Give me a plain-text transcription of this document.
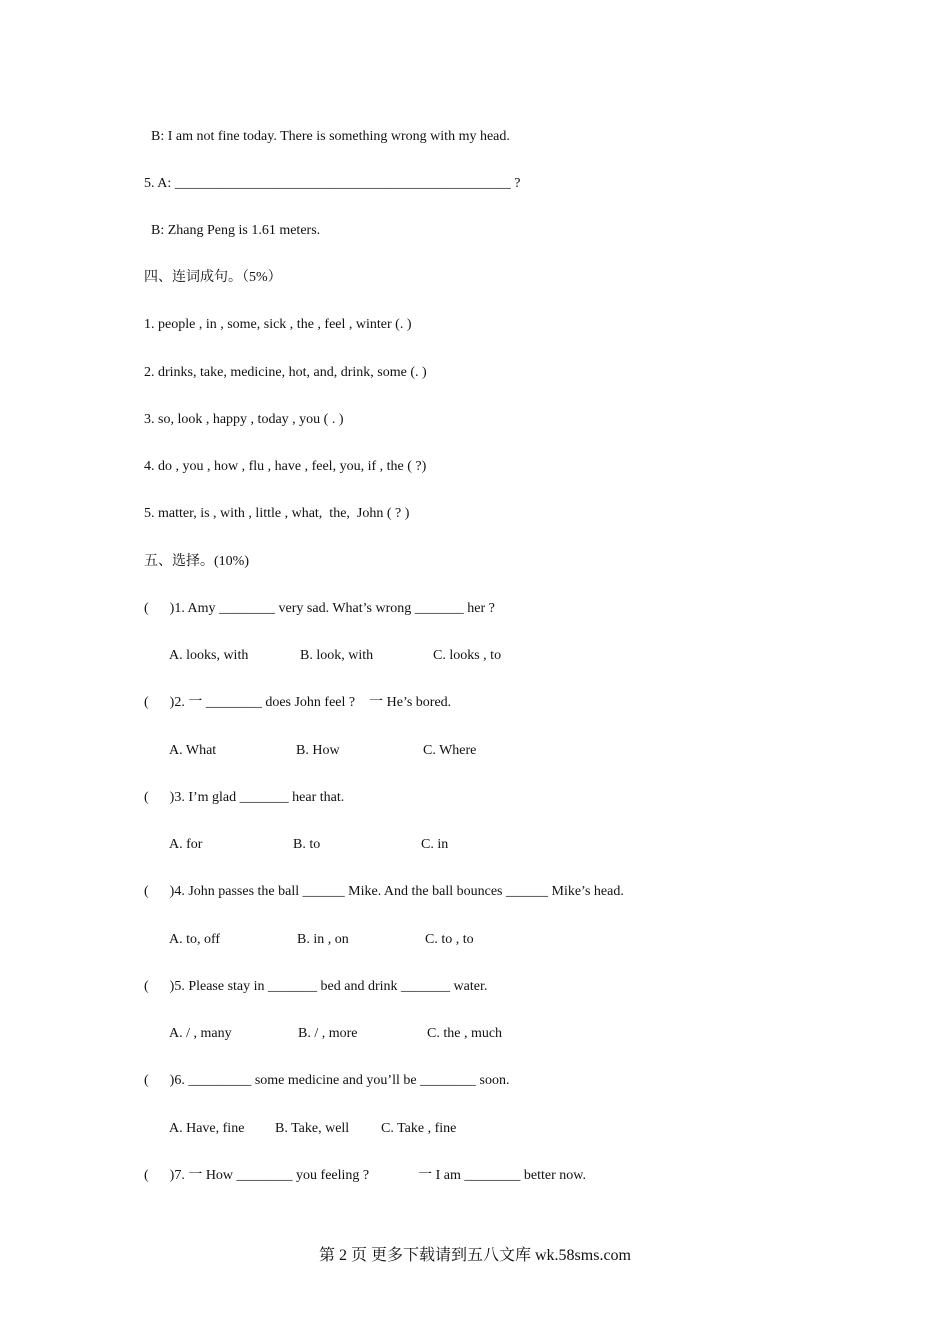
B: I am not fine today. There is something wrong with my head.
5. A: ________________________________________________ ?
B: Zhang Peng is 1.61 meters.
四、连词成句。（5%）
1. people , in , some, sick , the , feel , winter (. )
2. drinks, take, medicine, hot, and, drink, some (. )
3. so, look , happy , today , you ( . )
4. do , you , how , flu , have , feel, you, if , the ( ?)
5. matter, is , with , little , what,  the,  John ( ? )
五、选择。(10%)
(      )1. Amy ________ very sad. What’s wrong _______ her ?
A. looks, with	B. look, with	C. looks , to
(      )2. 一 ________ does John feel ?    一 He’s bored.
A. What	B. How	C. Where
(      )3. I’m glad _______ hear that.
A. for	B. to	C. in
(      )4. John passes the ball ______ Mike. And the ball bounces ______ Mike’s head.
A. to, off	B. in , on	C. to , to
(      )5. Please stay in _______ bed and drink _______ water.
A. / , many	B. / , more	C. the , much
(      )6. _________ some medicine and you’ll be ________ soon.
A. Have, fine B. Take, well C. Take , fine
(      )7. 一 How ________ you feeling ?              一 I am ________ better now.
第 2 页 更多下载请到五八文库 wk.58sms.com
